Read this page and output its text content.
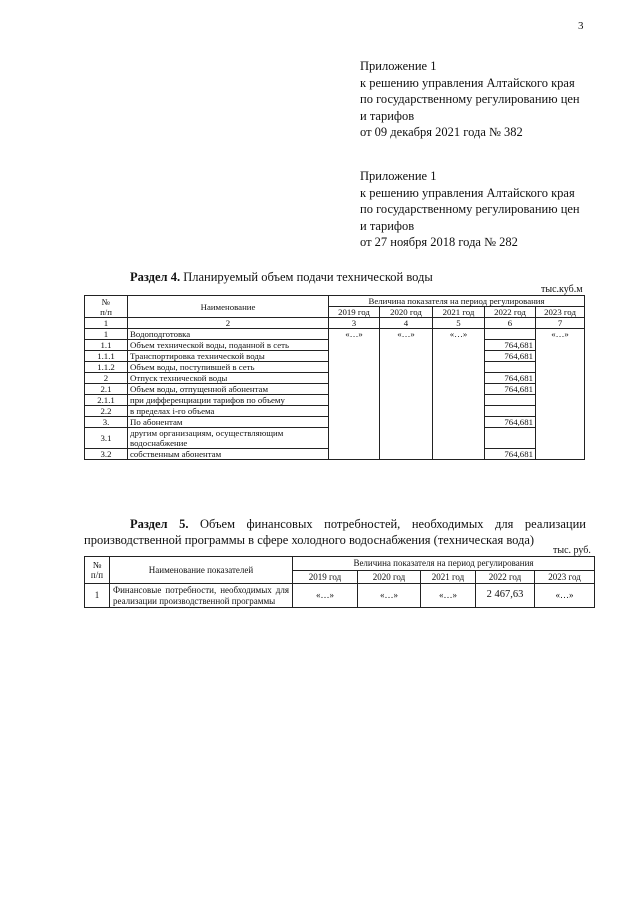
3
Приложение 1
к решению управления Алтайского края
по государственному регулированию цен
и тарифов
от 09 декабря 2021 года № 382
Приложение 1
к решению управления Алтайского края
по государственному регулированию цен
и тарифов
от 27 ноября 2018 года № 282
Раздел 4. Планируемый объем подачи технической воды
тыс.куб.м
№
п/п	Наименование	Величина показателя на период регулирования				
		2019 год	2020 год	2021 год	2022 год	2023 год
1	2	3	4	5	6	7
1	Водоподготовка	«…»	«…»	«…»		«…»
1.1	Объем технической воды, поданной в сеть				764,681	
1.1.1	Транспортировка технической воды				764,681	
1.1.2	Объем воды, поступившей в сеть					
2	Отпуск технической воды				764,681	
2.1	Объем воды, отпущенной абонентам				764,681	
2.1.1	при дифференциации тарифов по объему					
2.2	в пределах i-го объема					
3.	По абонентам				764,681	
3.1	другим организациям, осуществляющим водоснабжение					
3.2	собственным абонентам				764,681	
Раздел 5. Объем финансовых потребностей, необходимых для реализации производственной программы в сфере холодного водоснабжения (техническая вода)
тыс. руб.
№
п/п	Наименование показателей	Величина показателя на период регулирования				
		2019 год	2020 год	2021 год	2022 год	2023 год
1	Финансовые потребности, необходимых для реализации производственной программы	«…»	«…»	«…»	2 467,63	«…»
